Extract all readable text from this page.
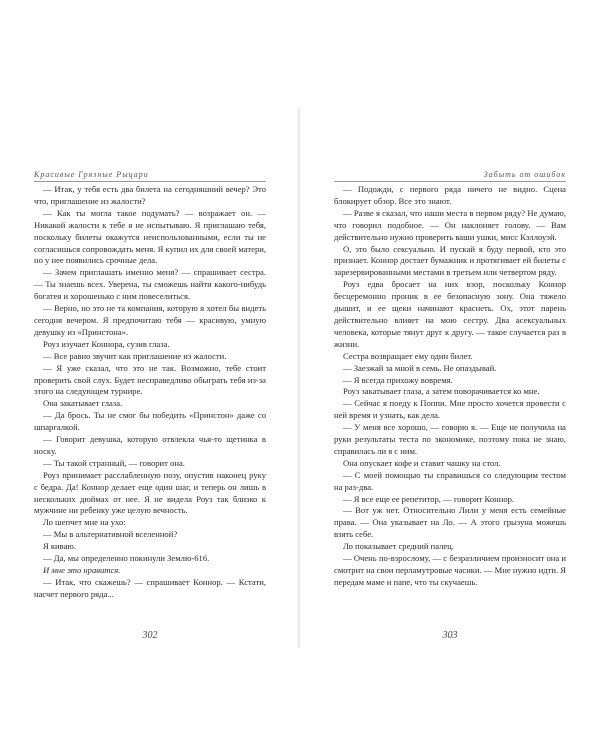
Красивые Грязные Рыцари

— Итак, у тебя есть два билета на сегодняшний вечер? Это что, приглашение из жалости?

— Как ты могла такое подумать? — возражает он. — Никакой жалости к тебе я не испытываю. Я приглашаю тебя, поскольку билеты окажутся неиспользованными, если ты не согласишься сопровождать меня. Я купил их для своей матери, но у нее появились срочные дела.

— Зачем приглашать именно меня? — спрашивает сестра. — Ты знаешь всех. Уверена, ты сможешь найти какого-нибудь богатея и хорошенько с ним повеселиться.

— Верно, но это не та компания, которую я хотел бы видеть сегодня вечером. Я предпочитаю тебя — красивую, умную девушку из «Принстона».

Роуз изучает Коннора, сузив глаза.

— Все равно звучит как приглашение из жалости.

— Я уже сказал, что это не так. Возможно, тебе стоит проверить свой слух. Будет несправедливо обыграть тебя из-за этого на следующем турнире.

Она закатывает глаза.

— Да брось. Ты не смог бы победить «Принстон» даже со шпаргалкой.

— Говорит девушка, которую отвлекла чья-то щетинка в носку.

— Ты такой странный, — говорит она.

Роуз принимает расслабленную позу, опустив наконец руку с бедра. Да! Коннор делает еще один шаг, и теперь он лишь в нескольких дюймах от нее. Я не видела Роуз так близко к мужчине ни ребенку уже целую вечность.

Ло шепчет мне на ухо:

— Мы в альтернативной вселенной?

Я киваю.

— Да, мы определенно покинули Землю-616.

И мне это нравится.

— Итак, что скажешь? — спрашивает Коннор. — Кстати, насчет первого ряда...

302
Забыть от ошибок

— Подожди, с первого ряда ничего не видно. Сцена блокирует обзор. Все это знают.

— Разве я сказал, что наши места в первом ряду? Не думаю, что говорил подобное. — Он наклоняет голову. — Вам действительно нужно проверить ваши ушки, мисс Кэллоуэй.

О, это было сексуально. И пускай я буду первой, кто это признает. Коннор достает бумажник и протягивает ей билеты с зарезервированными местами в третьем или четвертом ряду.

Роуз едва бросает на них взор, поскольку Коннор бесцеремонно проник в ее безопасную зону. Она тяжело дышит, и ее щеки начинают краснеть. Ох, этот парень действительно влияет на мою сестру. Два асексуальных человека, которые тянут друг к другу. — такое случается раз в жизни.

Сестра возвращает ему один билет.

— Заезжай за мной в семь. Не опаздывай.

— Я всегда прихожу вовремя.

Роуз закатывает глаза, а затем поворачивается ко мне.

— Сейчас я поеду к Поппи. Мне просто хочется провести с ней время и узнать, как дела.

— У меня все хорошо, — говорю я. — Еще не получила на руки результаты теста по экономике, поэтому пока не знаю, справилась ли я с ним.

Она опускает кофе и ставит чашку на стол.

— С моей помощью ты справишься со следующим тестом на раз-два.

— Я все еще ее репетитор, — говорит Коннор.

— Вот уж нет. Относительно Лили у меня есть семейные права. — Она указывает на Ло. — А этого грызуна можешь взять себе.

Ло показывает средний палец.

— Очень по-взрослому, — с безразличием произносит она и смотрит на свои перламутровые часики. — Мне нужно идти. Я передам маме и папе, что ты скучаешь.

303
